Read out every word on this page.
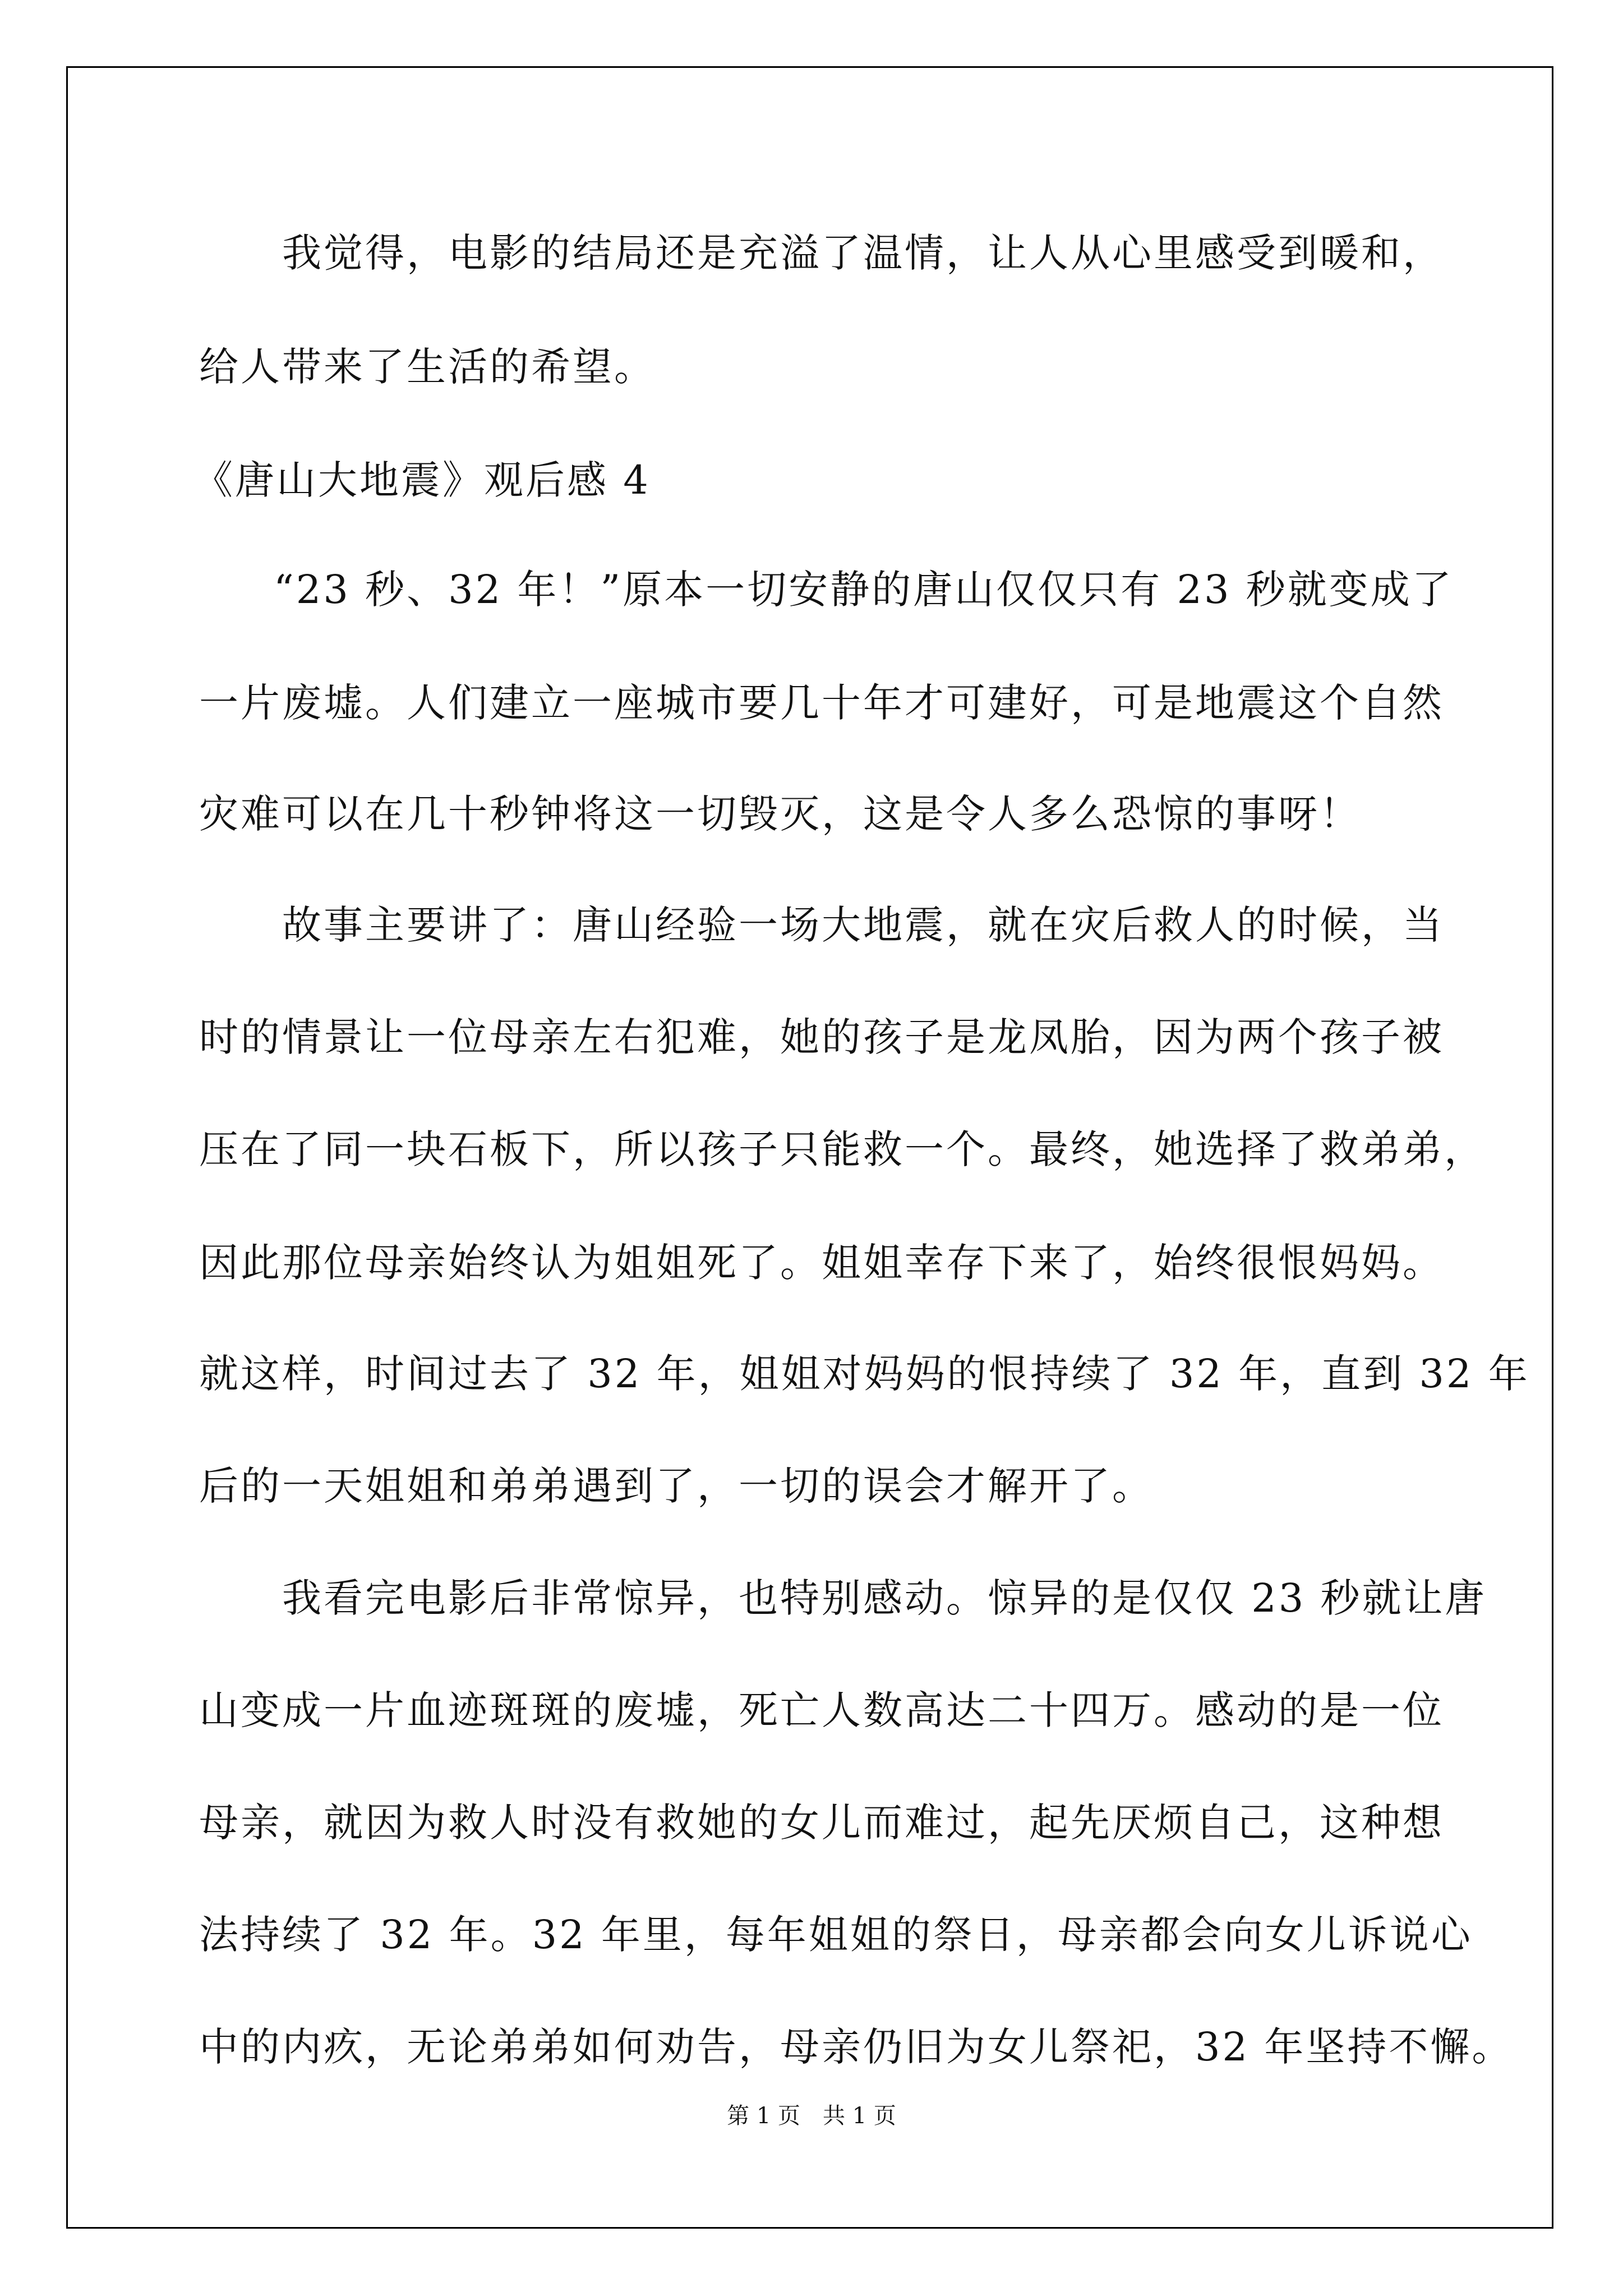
我觉得，电影的结局还是充溢了温情，让人从心里感受到暖和，

给人带来了生活的希望。

《唐山大地震》观后感 4

“23 秒、32 年！”原本一切安静的唐山仅仅只有 23 秒就变成了

一片废墟。人们建立一座城市要几十年才可建好，可是地震这个自然

灾难可以在几十秒钟将这一切毁灭，这是令人多么恐惊的事呀！

故事主要讲了：唐山经验一场大地震，就在灾后救人的时候，当

时的情景让一位母亲左右犯难，她的孩子是龙凤胎，因为两个孩子被

压在了同一块石板下，所以孩子只能救一个。最终，她选择了救弟弟，

因此那位母亲始终认为姐姐死了。姐姐幸存下来了，始终很恨妈妈。

就这样，时间过去了 32 年，姐姐对妈妈的恨持续了 32 年，直到 32 年

后的一天姐姐和弟弟遇到了，一切的误会才解开了。

我看完电影后非常惊异，也特别感动。惊异的是仅仅 23 秒就让唐

山变成一片血迹斑斑的废墟，死亡人数高达二十四万。感动的是一位

母亲，就因为救人时没有救她的女儿而难过，起先厌烦自己，这种想

法持续了 32 年。32 年里，每年姐姐的祭日，母亲都会向女儿诉说心

中的内疚，无论弟弟如何劝告，母亲仍旧为女儿祭祀，32 年坚持不懈。

第 1 页　共 1 页
